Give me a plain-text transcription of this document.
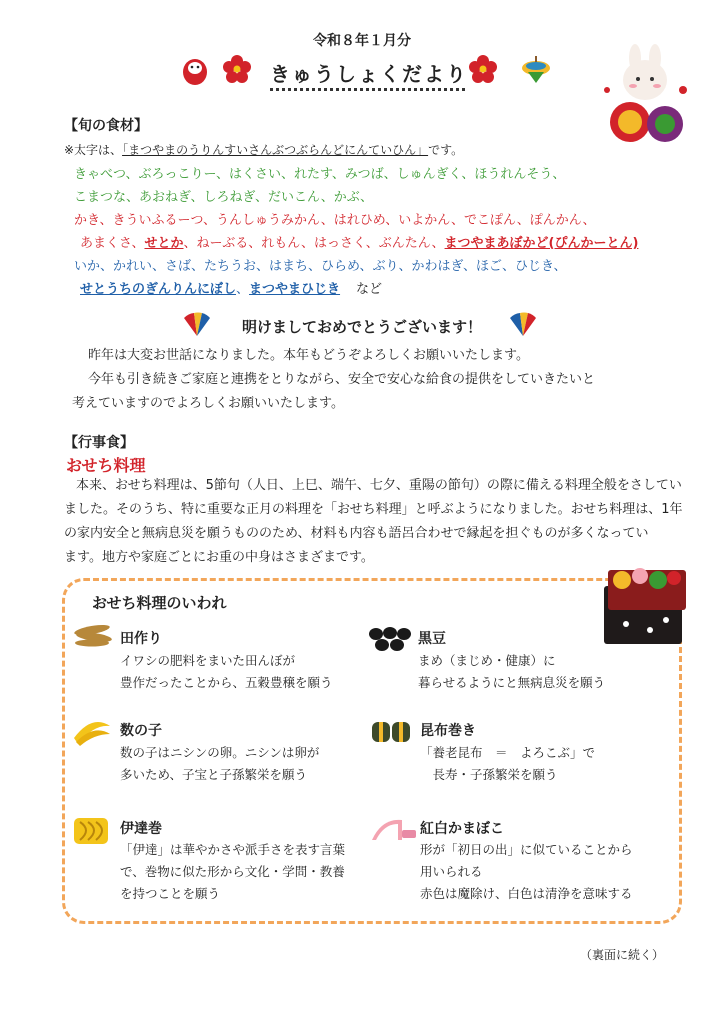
令和８年１月分
きゅうしょくだより
【旬の食材】
※太字は、「まつやまのうりんすいさんぶつぶらんどにんていひん」です。
きゃべつ、ぶろっこりー、はくさい、れたす、みつば、しゅんぎく、ほうれんそう、
こまつな、あおねぎ、しろねぎ、だいこん、かぶ、
かき、きういふるーつ、うんしゅうみかん、はれひめ、いよかん、でこぽん、ぽんかん、
あまくさ、せとか、ねーぶる、れもん、はっさく、ぶんたん、まつやまあぼかど(ぴんかーとん)
いか、かれい、さば、たちうお、はまち、ひらめ、ぶり、かわはぎ、ほご、ひじき、
せとうちのぎんりんにぼし、まつやまひじき など
明けましておめでとうございます！
昨年は大変お世話になりました。本年もどうぞよろしくお願いいたします。
今年も引き続きご家庭と連携をとりながら、安全で安心な給食の提供をしていきたいと
考えていますのでよろしくお願いいたします。
【行事食】
おせち料理
本来、おせち料理は、5節句（人日、上巳、端午、七夕、重陽の節句）の際に備える料理全般をさしてい
ました。そのうち、特に重要な正月の料理を「おせち料理」と呼ぶようになりました。おせち料理は、1年
の家内安全と無病息災を願うもののため、材料も内容も語呂合わせで縁起を担ぐものが多くなってい
ます。地方や家庭ごとにお重の中身はさまざまです。
おせち料理のいわれ
田作り
イワシの肥料をまいた田んぼが
豊作だったことから、五穀豊穣を願う
黒豆
まめ（まじめ・健康）に
暮らせるようにと無病息災を願う
数の子
数の子はニシンの卵。ニシンは卵が
多いため、子宝と子孫繁栄を願う
昆布巻き
「養老昆布　＝　よろこぶ」で
　長寿・子孫繁栄を願う
伊達巻
「伊達」は華やかさや派手さを表す言葉
で、巻物に似た形から文化・学問・教養
を持つことを願う
紅白かまぼこ
形が「初日の出」に似ていることから
用いられる
赤色は魔除け、白色は清浄を意味する
（裏面に続く）
